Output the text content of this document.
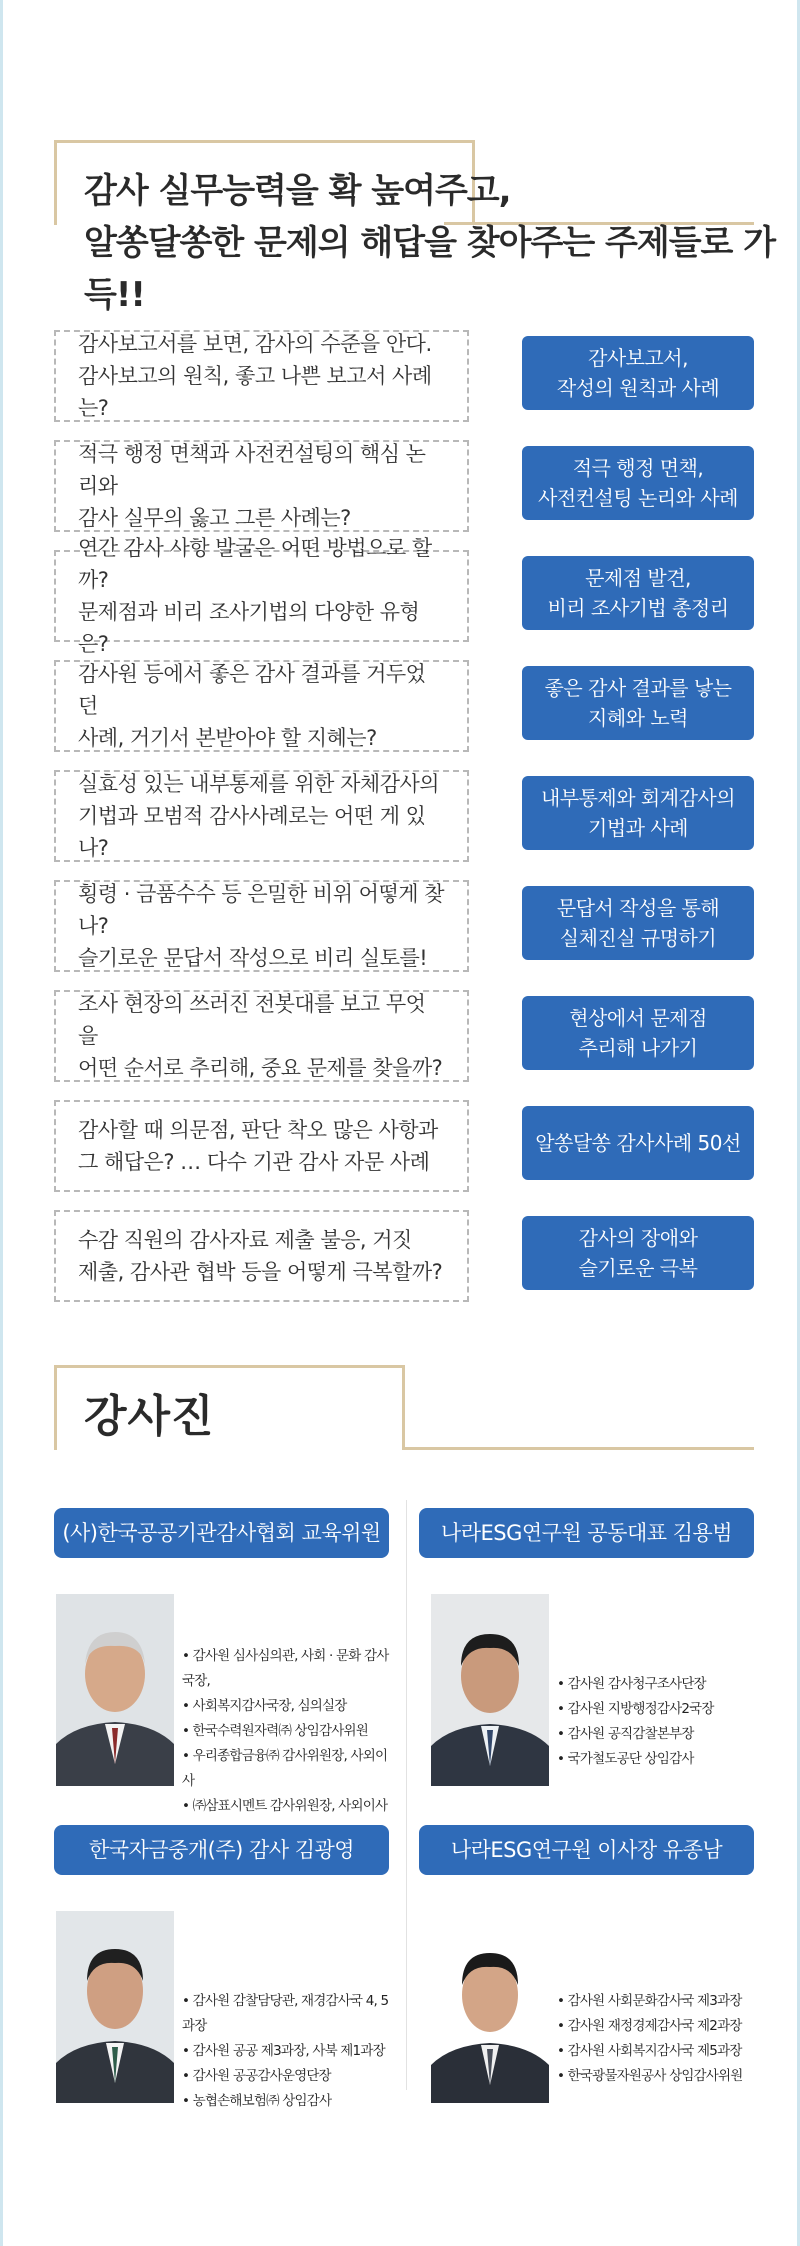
감사 실무능력을 확 높여주고,
알쏭달쏭한 문제의 해답을 찾아주는 주제들로 가득!!
감사보고서를 보면, 감사의 수준을 안다.
감사보고의 원칙, 좋고 나쁜 보고서 사례는?
감사보고서,
작성의 원칙과 사례
적극 행정 면책과 사전컨설팅의 핵심 논리와
감사 실무의 옳고 그른 사례는?
적극 행정 면책,
사전컨설팅 논리와 사례
연간 감사 사항 발굴은 어떤 방법으로 할까?
문제점과 비리 조사기법의 다양한 유형은?
문제점 발견,
비리 조사기법 총정리
감사원 등에서 좋은 감사 결과를 거두었던
사례, 거기서 본받아야 할 지혜는?
좋은 감사 결과를 낳는
지혜와 노력
실효성 있는 내부통제를 위한 자체감사의
기법과 모범적 감사사례로는 어떤 게 있나?
내부통제와 회계감사의
기법과 사례
횡령 · 금품수수 등 은밀한 비위 어떻게 찾나?
슬기로운 문답서 작성으로 비리 실토를!
문답서 작성을 통해
실체진실 규명하기
조사 현장의 쓰러진 전봇대를 보고 무엇을
어떤 순서로 추리해, 중요 문제를 찾을까?
현상에서 문제점
추리해 나가기
감사할 때 의문점, 판단 착오 많은 사항과
그 해답은? … 다수 기관 감사 자문 사례
알쏭달쏭 감사사례 50선
수감 직원의 감사자료 제출 불응, 거짓
제출, 감사관 협박 등을 어떻게 극복할까?
감사의 장애와
슬기로운 극복
강사진
(사)한국공공기관감사협회 교육위원장 김병석
• 감사원 심사심의관, 사회 · 문화 감사국장,
• 사회복지감사국장, 심의실장
• 한국수력원자력㈜ 상임감사위원
• 우리종합금융㈜ 감사위원장, 사외이사
• ㈜삼표시멘트 감사위원장, 사외이사
나라ESG연구원 공동대표 김용범
• 감사원 감사청구조사단장
• 감사원 지방행정감사2국장
• 감사원 공직감찰본부장
• 국가철도공단 상임감사
한국자금중개(주) 감사 김광영
• 감사원 감찰담당관, 재경감사국 4, 5과장
• 감사원 공공 제3과장, 사북 제1과장
• 감사원 공공감사운영단장
• 농협손해보험㈜ 상임감사
나라ESG연구원 이사장 유종남
• 감사원 사회문화감사국 제3과장
• 감사원 재정경제감사국 제2과장
• 감사원 사회복지감사국 제5과장
• 한국광물자원공사 상임감사위원
